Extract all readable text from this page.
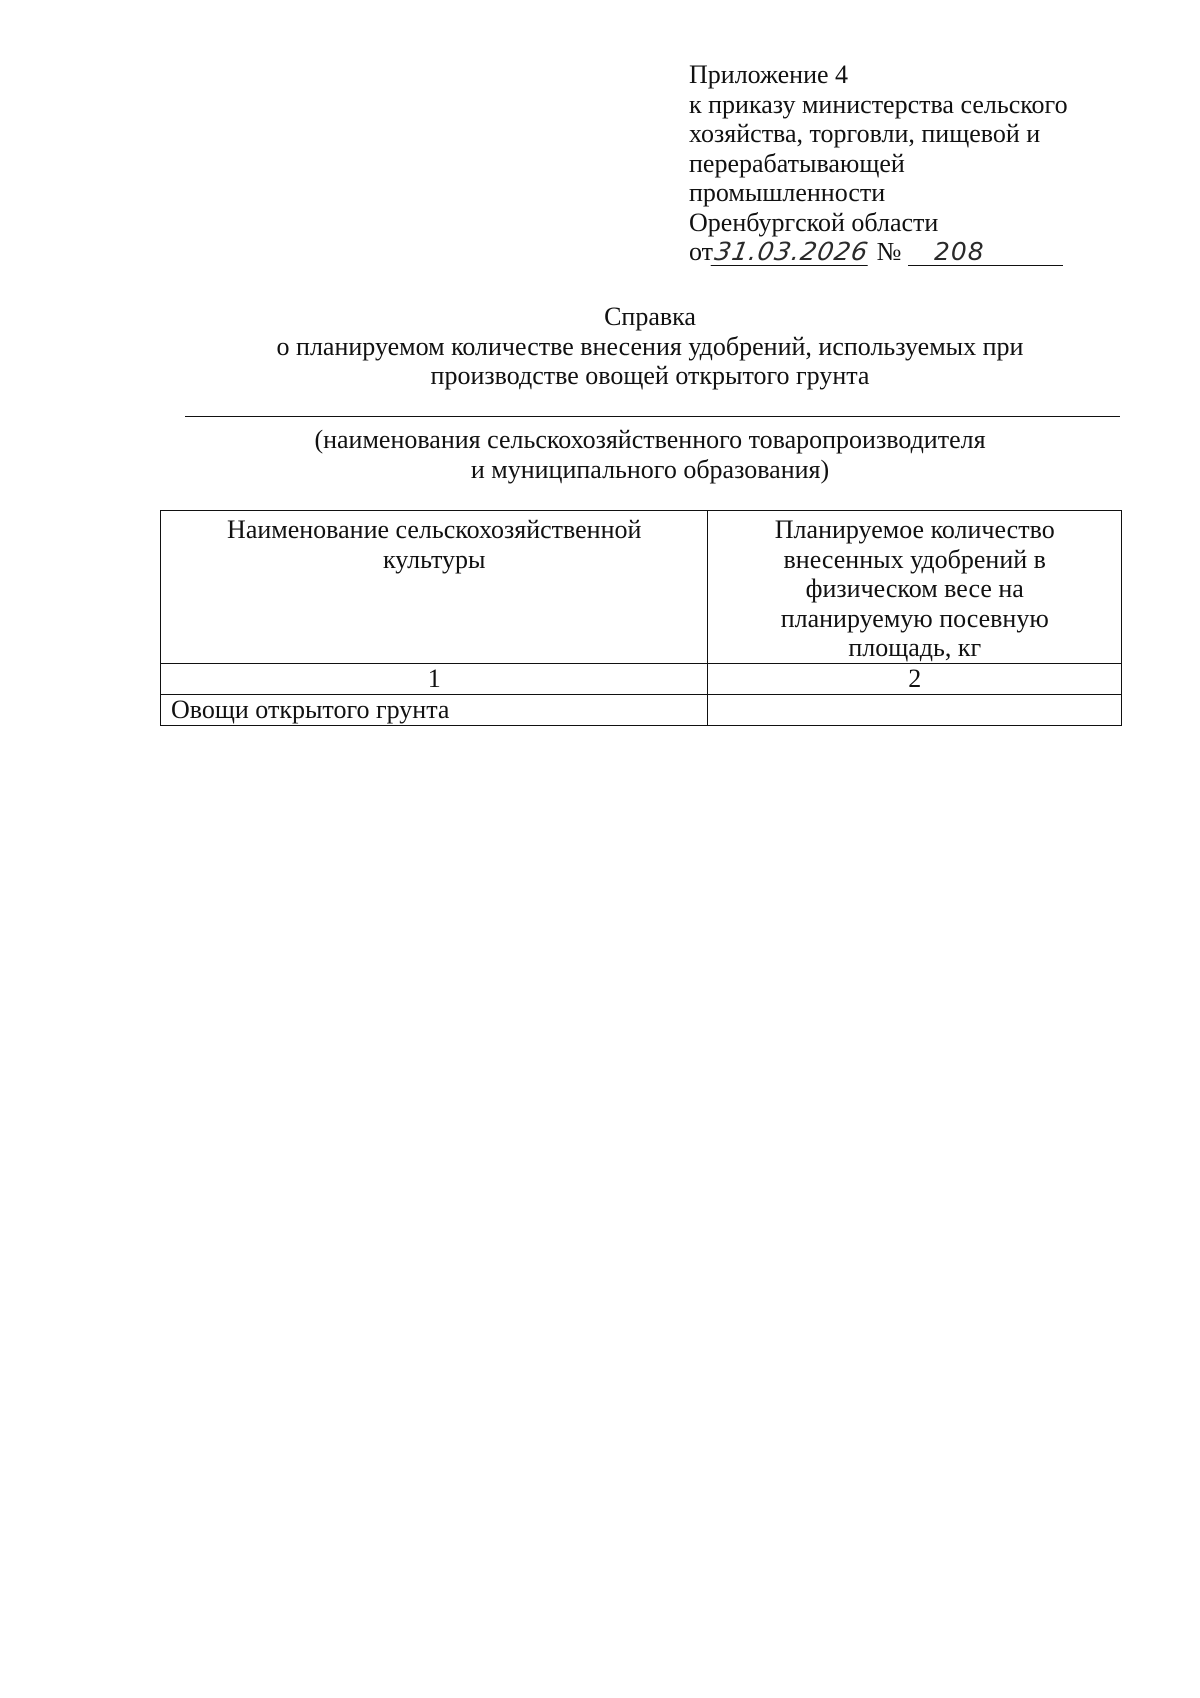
Приложение 4
к приказу министерства сельского
хозяйства, торговли, пищевой и
перерабатывающей
промышленности
Оренбургской области
от31.03.2026 № 208
Справка
о планируемом количестве внесения удобрений, используемых при
производстве овощей открытого грунта
(наименования сельскохозяйственного товаропроизводителя
и муниципального образования)
Наименование сельскохозяйственной культуры	Планируемое количество внесенных удобрений в физическом весе на планируемую посевную площадь, кг

1	2
Овощи открытого грунта	
